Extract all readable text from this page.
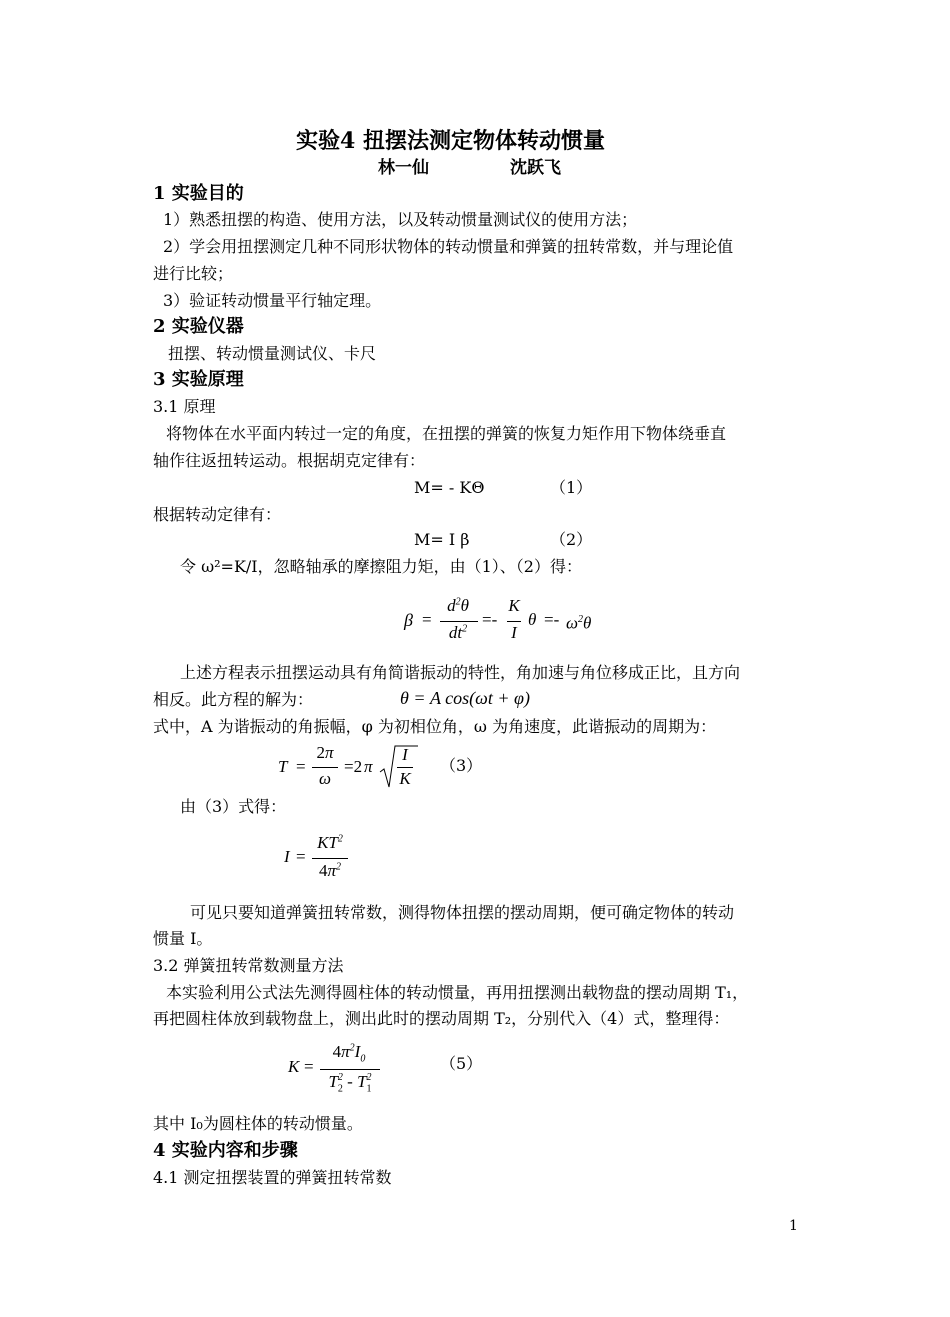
实验4 扭摆法测定物体转动惯量
林一仙	沈跃飞
1 实验目的
1）熟悉扭摆的构造、使用方法，以及转动惯量测试仪的使用方法；
2）学会用扭摆测定几种不同形状物体的转动惯量和弹簧的扭转常数，并与理论值
进行比较；
3）验证转动惯量平行轴定理。
2 实验仪器
扭摆、转动惯量测试仪、卡尺
3 实验原理
3.1 原理
将物体在水平面内转过一定的角度，在扭摆的弹簧的恢复力矩作用下物体绕垂直
轴作往返扭转运动。根据胡克定律有：
M= - KΘ	（1）
根据转动定律有：
M= I β	（2）
令 ω²=K/I，忽略轴承的摩擦阻力矩，由（1）、（2）得：
β =
$d^2\theta$
$dt^2$ =-
K
I
$\theta =- \omega^2\theta$
上述方程表示扭摆运动具有角简谐振动的特性，角加速与角位移成正比，且方向
相反。此方程的解为：	θ = A cos(ωt + φ)
式中，A 为谐振动的角振幅，φ 为初相位角，ω 为角速度，此谐振动的周期为：
T =
2π
ω
=2 π
I
K
（3）
由（3）式得：
I =
$KT^2$
$4\pi^2$
可见只要知道弹簧扭转常数，测得物体扭摆的摆动周期，便可确定物体的转动
惯量 I。
3.2 弹簧扭转常数测量方法
本实验利用公式法先测得圆柱体的转动惯量，再用扭摆测出载物盘的摆动周期 T₁，
再把圆柱体放到载物盘上，测出此时的摆动周期 T₂，分别代入（4）式，整理得：
K =
$4\pi^2I_0$
$T_2^2 - T_1^2$
（5）
其中 I₀为圆柱体的转动惯量。
4 实验内容和步骤
4.1 测定扭摆装置的弹簧扭转常数
1
